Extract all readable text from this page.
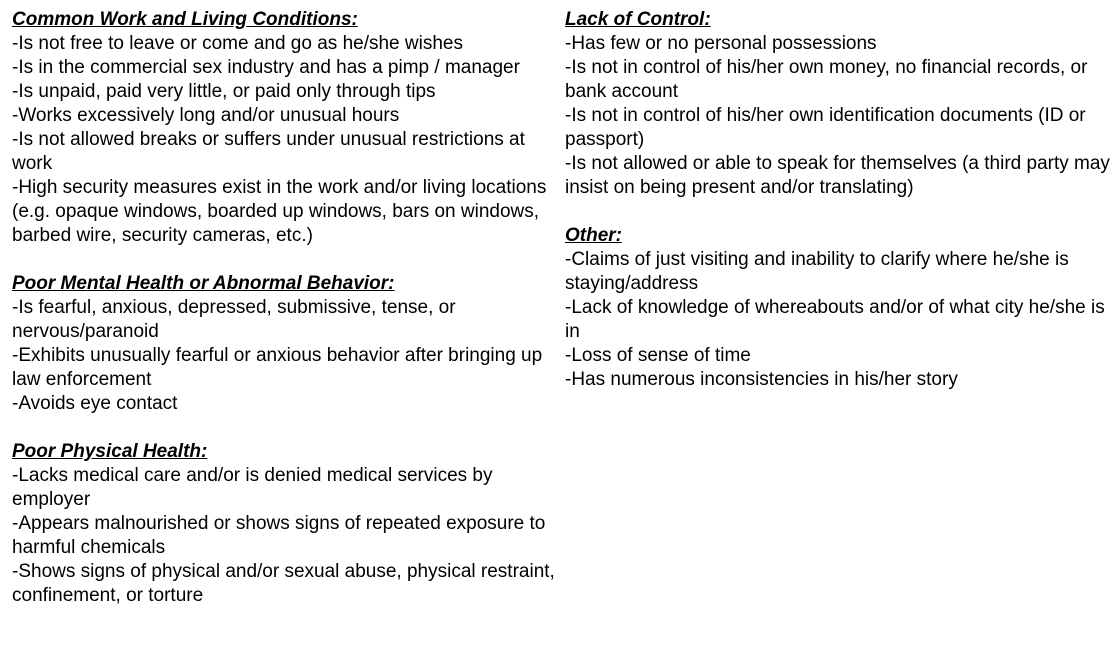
Common Work and Living Conditions:
-Is not free to leave or come and go as he/she wishes
-Is in the commercial sex industry and has a pimp / manager
-Is unpaid, paid very little, or paid only through tips
-Works excessively long and/or unusual hours
-Is not allowed breaks or suffers under unusual restrictions at work
-High security measures exist in the work and/or living locations (e.g. opaque windows, boarded up windows, bars on windows, barbed wire, security cameras, etc.)
Poor Mental Health or Abnormal Behavior:
-Is fearful, anxious, depressed, submissive, tense, or nervous/paranoid
-Exhibits unusually fearful or anxious behavior after bringing up law enforcement
-Avoids eye contact
Poor Physical Health:
-Lacks medical care and/or is denied medical services by employer
-Appears malnourished or shows signs of repeated exposure to harmful chemicals
-Shows signs of physical and/or sexual abuse, physical restraint, confinement, or torture
Lack of Control:
-Has few or no personal possessions
-Is not in control of his/her own money, no financial records, or bank account
-Is not in control of his/her own identification documents (ID or passport)
-Is not allowed or able to speak for themselves (a third party may insist on being present and/or translating)
Other:
-Claims of just visiting and inability to clarify where he/she is staying/address
-Lack of knowledge of whereabouts and/or of what city he/she is in
-Loss of sense of time
-Has numerous inconsistencies in his/her story
